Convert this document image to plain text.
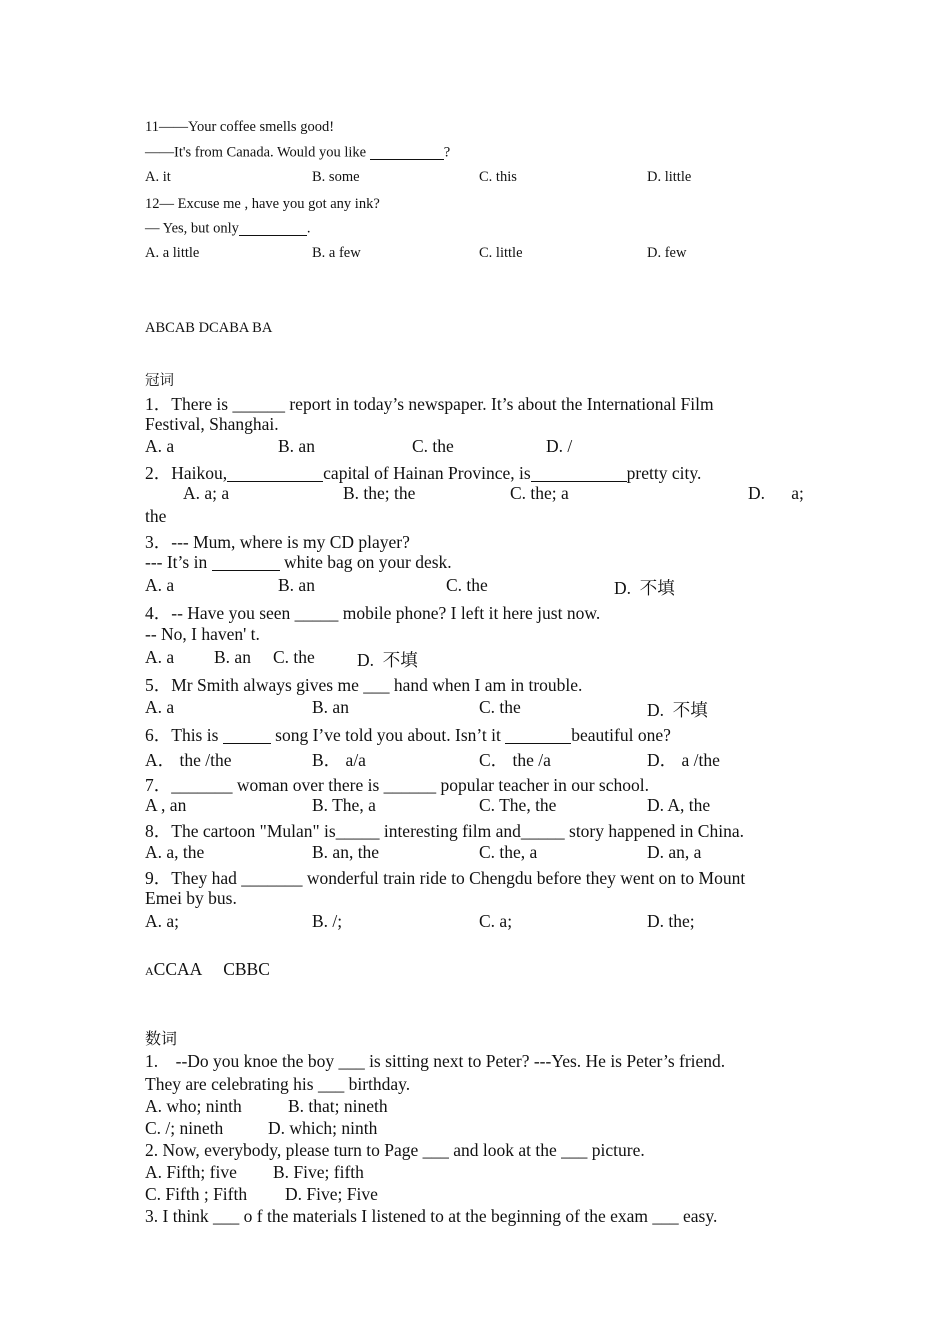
11——Your coffee smells good!
——It's from Canada. Would you like	?
A. it	B. some	C. this	D. little
12— Excuse me , have you got any ink?
— Yes, but only	.
A. a little	B. a few	C. little	D. few
ABCAB DCABA BA
冠词
1．There is ______ report in today’s newspaper. It’s about the International Film
Festival, Shanghai.
A. a	B. an	C. the	D. /
2．Haikou,	capital of Hainan Province, is	pretty city.
A. a; a	B. the; the	C. the; a	D.      a;
the
3．--- Mum, where is my CD player?
--- It’s in	white bag on your desk.
A. a	B. an	C. the	D.  不填
4．-- Have you seen _____ mobile phone? I left it here just now.
-- No, I haven' t.
A. a B. an C. the D.  不填
5．Mr Smith always gives me ___ hand when I am in trouble.
A. a	B. an	C. the	D.  不填
6．This is	song I’ve told you about. Isn’t it	beautiful one?
A． the /the	B． a/a	C． the /a	D． a /the
7．_______ woman over there is ______ popular teacher in our school.
A , an	B. The, a	C. The, the	D. A, the
8．The cartoon "Mulan" is_____ interesting film and_____ story happened in China.
A. a, the	B. an, the	C. the, a	D. an, a
9．They had _______ wonderful train ride to Chengdu before they went on to Mount
Emei by bus.
A. a;	B. /;	C. a;	D. the;
ACCAA     CBBC
数词
1.    --Do you knoe the boy ___ is sitting next to Peter? ---Yes. He is Peter’s friend.
They are celebrating his ___ birthday.
A. who; ninth	B. that; nineth
C. /; nineth	D. which; ninth
2. Now, everybody, please turn to Page ___ and look at the ___ picture.
A. Fifth; five B. Five; fifth
C. Fifth ; Fifth D. Five; Five
3. I think ___ o f the materials I listened to at the beginning of the exam ___ easy.
